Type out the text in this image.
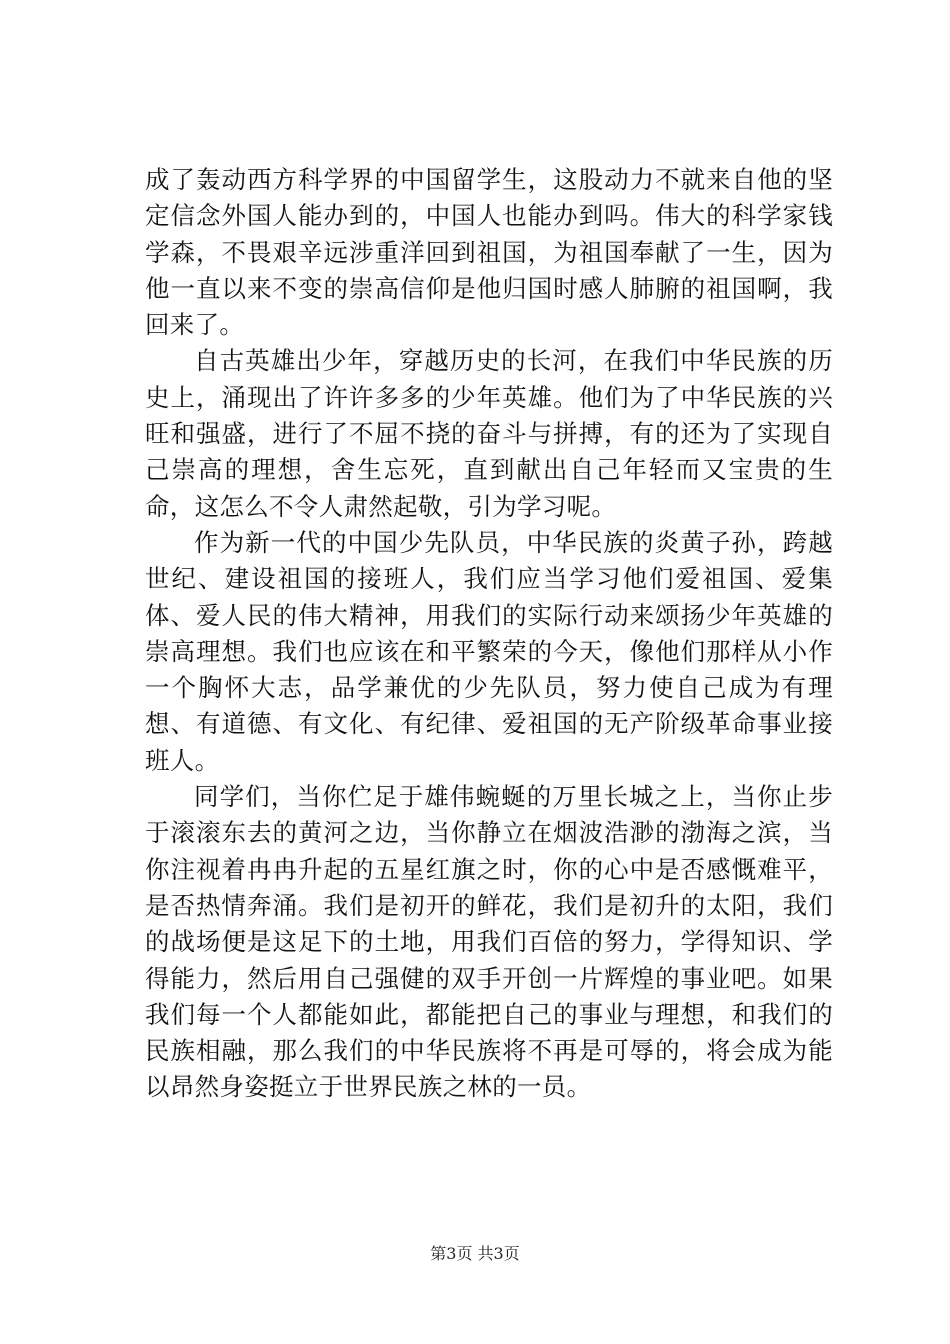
成了轰动西方科学界的中国留学生，这股动力不就来自他的坚定信念外国人能办到的，中国人也能办到吗。伟大的科学家钱学森，不畏艰辛远涉重洋回到祖国，为祖国奉献了一生，因为他一直以来不变的崇高信仰是他归国时感人肺腑的祖国啊，我回来了。

自古英雄出少年，穿越历史的长河，在我们中华民族的历史上，涌现出了许许多多的少年英雄。他们为了中华民族的兴旺和强盛，进行了不屈不挠的奋斗与拼搏，有的还为了实现自己崇高的理想，舍生忘死，直到献出自己年轻而又宝贵的生命，这怎么不令人肃然起敬，引为学习呢。

作为新一代的中国少先队员，中华民族的炎黄子孙，跨越世纪、建设祖国的接班人，我们应当学习他们爱祖国、爱集体、爱人民的伟大精神，用我们的实际行动来颂扬少年英雄的崇高理想。我们也应该在和平繁荣的今天，像他们那样从小作一个胸怀大志，品学兼优的少先队员，努力使自己成为有理想、有道德、有文化、有纪律、爱祖国的无产阶级革命事业接班人。

同学们，当你伫足于雄伟蜿蜒的万里长城之上，当你止步于滚滚东去的黄河之边，当你静立在烟波浩渺的渤海之滨，当你注视着冉冉升起的五星红旗之时，你的心中是否感慨难平，是否热情奔涌。我们是初开的鲜花，我们是初升的太阳，我们的战场便是这足下的土地，用我们百倍的努力，学得知识、学得能力，然后用自己强健的双手开创一片辉煌的事业吧。如果我们每一个人都能如此，都能把自己的事业与理想，和我们的民族相融，那么我们的中华民族将不再是可辱的，将会成为能以昂然身姿挺立于世界民族之林的一员。

第3页 共3页
